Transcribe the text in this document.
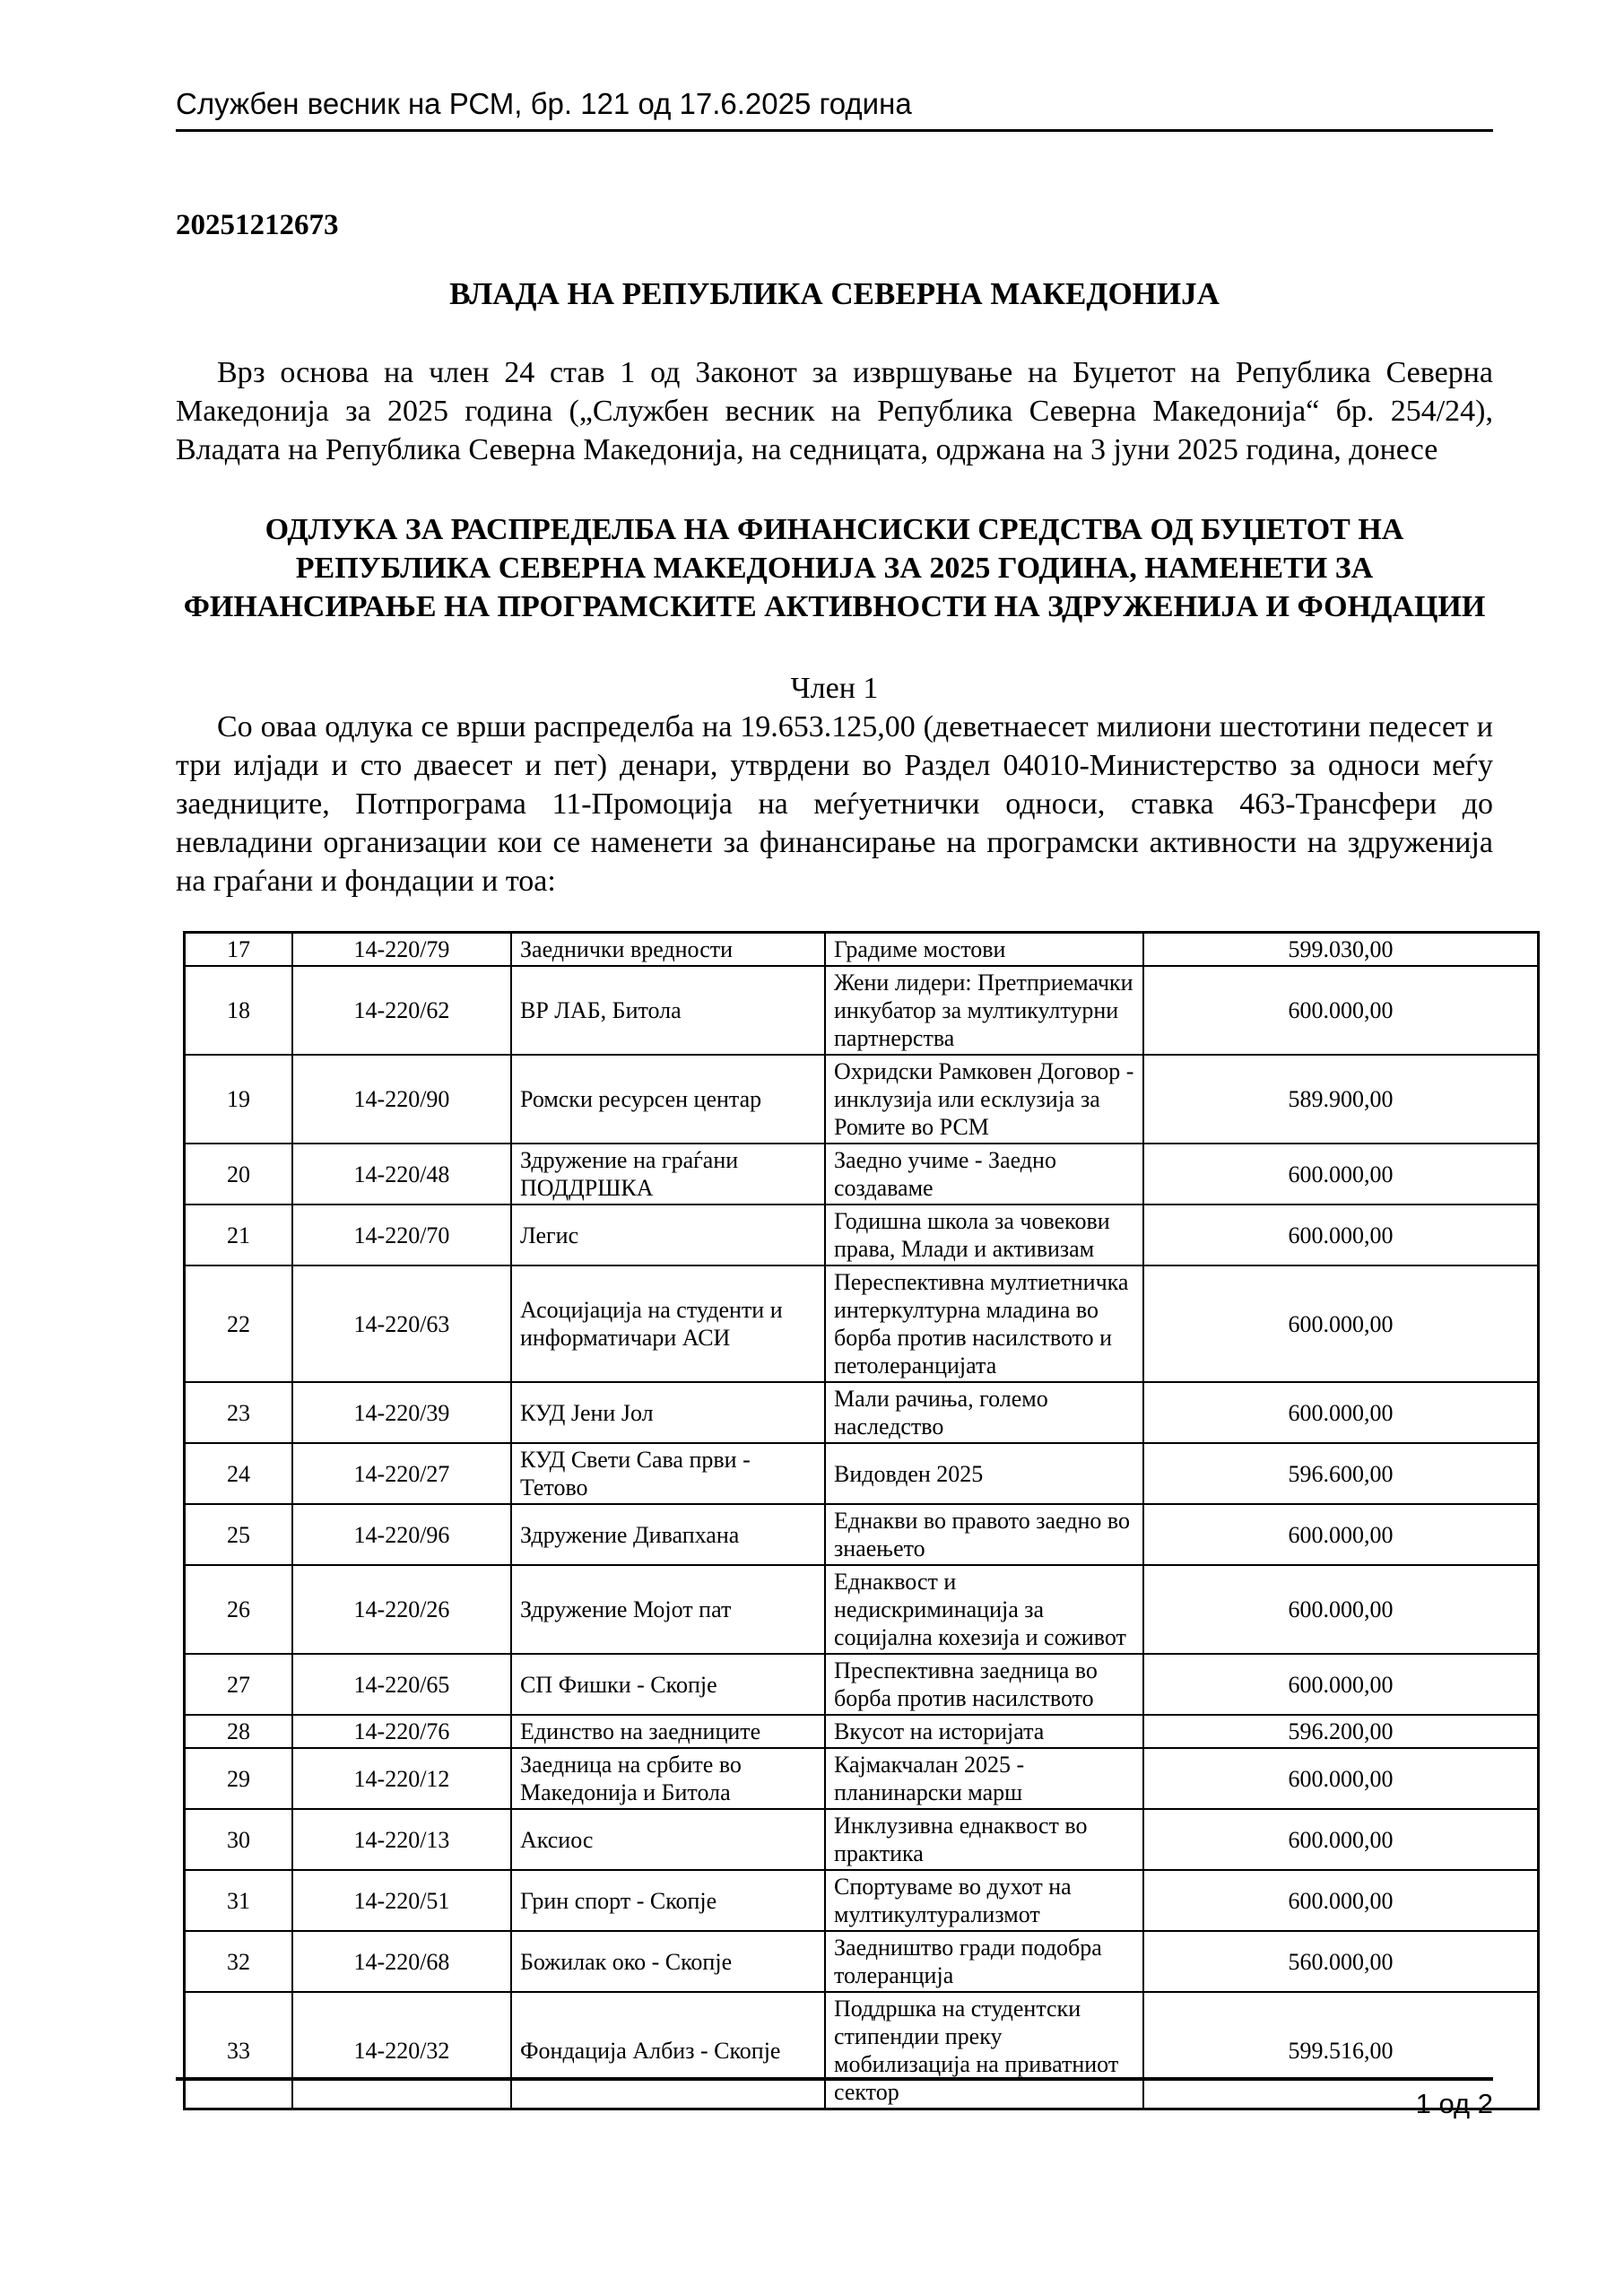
Службен весник на РСМ, бр. 121 од 17.6.2025 година
20251212673
ВЛАДА НА РЕПУБЛИКА СЕВЕРНА МАКЕДОНИЈА

Врз основа на член 24 став 1 од Законот за извршување на Буџетот на Република Северна Македонија за 2025 година („Службен весник на Република Северна Македонија“ бр. 254/24), Владата на Република Северна Македонија, на седницата, одржана на 3 јуни 2025 година, донесе

ОДЛУКА ЗА РАСПРЕДЕЛБА НА ФИНАНСИСКИ СРЕДСТВА ОД БУЏЕТОТ НА РЕПУБЛИКА СЕВЕРНА МАКЕДОНИЈА ЗА 2025 ГОДИНА, НАМЕНЕТИ ЗА ФИНАНСИРАЊЕ НА ПРОГРАМСКИТЕ АКТИВНОСТИ НА ЗДРУЖЕНИЈА И ФОНДАЦИИ
Член 1

Со оваа одлука се врши распределба на 19.653.125,00 (деветнаесет милиони шестотини педесет и три илјади и сто дваесет и пет) денари, утврдени во Раздел 04010-Министерство за односи меѓу заедниците, Потпрограма 11-Промоција на меѓуетнички односи, ставка 463-Трансфери до невладини организации кои се наменети за финансирање на програмски активности на здруженија на граѓани и фондации и тоа:

17	14-220/79	Заеднички вредности	Градиме мостови	599.030,00
18	14-220/62	ВР ЛАБ, Битола	Жени лидери: Претприемачки инкубатор за мултикултурни партнерства	600.000,00
19	14-220/90	Ромски ресурсен центар	Охридски Рамковен Договор - инклузија или есклузија за Ромите во РСМ	589.900,00
20	14-220/48	Здружение на граѓани ПОДДРШКА	Заедно учиме - Заедно создаваме	600.000,00
21	14-220/70	Легис	Годишна школа за човекови права, Млади и активизам	600.000,00
22	14-220/63	Асоцијација на студенти и информатичари АСИ	Переспективна мултиетничка интеркултурна младина во борба против насилството и петолеранцијата	600.000,00
23	14-220/39	КУД Јени Јол	Мали рачиња, големо наследство	600.000,00
24	14-220/27	КУД Свети Сава први - Тетово	Видовден 2025	596.600,00
25	14-220/96	Здружение Дивапхана	Еднакви во правото заедно во знаењето	600.000,00
26	14-220/26	Здружение Мојот пат	Еднаквост и недискриминација за социјална кохезија и соживот	600.000,00
27	14-220/65	СП Фишки - Скопје	Преспективна заедница во борба против насилството	600.000,00
28	14-220/76	Единство на заедниците	Вкусот на историјата	596.200,00
29	14-220/12	Заедница на србите во Македонија и Битола	Кајмакчалан 2025 - планинарски марш	600.000,00
30	14-220/13	Аксиос	Инклузивна еднаквост во практика	600.000,00
31	14-220/51	Грин спорт - Скопје	Спортуваме во духот на мултикултурализмот	600.000,00
32	14-220/68	Божилак око - Скопје	Заедништво гради подобра толеранција	560.000,00
33	14-220/32	Фондација Албиз - Скопје	Поддршка на студентски стипендии преку мобилизација на приватниот сектор	599.516,00
1 од 2
